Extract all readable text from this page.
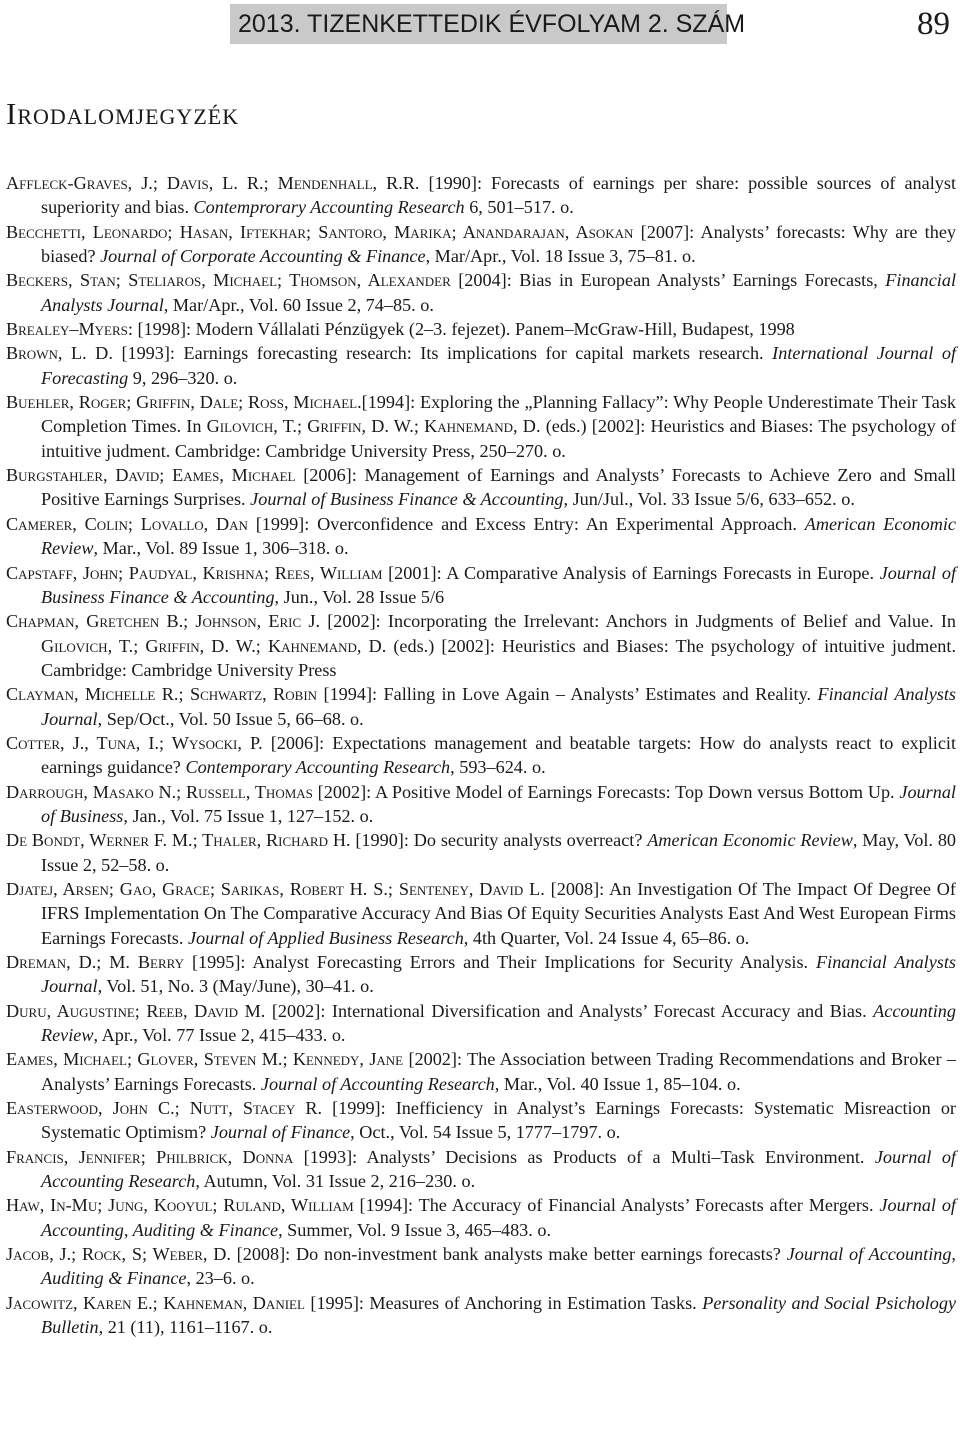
2013. TIZENKETTEDIK ÉVFOLYAM 2. SZÁM	89
Irodalomjegyzék
Affleck-Graves, J.; Davis, L. R.; Mendenhall, R.R. [1990]: Forecasts of earnings per share: possible sources of analyst superiority and bias. Contemprorary Accounting Research 6, 501–517. o.
Becchetti, Leonardo; Hasan, Iftekhar; Santoro, Marika; Anandarajan, Asokan [2007]: Analysts’ forecasts: Why are they biased? Journal of Corporate Accounting & Finance, Mar/Apr., Vol. 18 Issue 3, 75–81. o.
Beckers, Stan; Steliaros, Michael; Thomson, Alexander [2004]: Bias in European Analysts’ Earnings Forecasts, Financial Analysts Journal, Mar/Apr., Vol. 60 Issue 2, 74–85. o.
Brealey–Myers: [1998]: Modern Vállalati Pénzügyek (2–3. fejezet). Panem–McGraw-Hill, Budapest, 1998
Brown, L. D. [1993]: Earnings forecasting research: Its implications for capital markets research. International Journal of Forecasting 9, 296–320. o.
Buehler, Roger; Griffin, Dale; Ross, Michael.[1994]: Exploring the „Planning Fallacy”: Why People Underestimate Their Task Completion Times. In Gilovich, T.; Griffin, D. W.; Kahnemand, D. (eds.) [2002]: Heuristics and Biases: The psychology of intuitive judment. Cambridge: Cambridge University Press, 250–270. o.
Burgstahler, David; Eames, Michael [2006]: Management of Earnings and Analysts’ Forecasts to Achieve Zero and Small Positive Earnings Surprises. Journal of Business Finance & Accounting, Jun/Jul., Vol. 33 Issue 5/6, 633–652. o.
Camerer, Colin; Lovallo, Dan [1999]: Overconfidence and Excess Entry: An Experimental Approach. American Economic Review, Mar., Vol. 89 Issue 1, 306–318. o.
Capstaff, John; Paudyal, Krishna; Rees, William [2001]: A Comparative Analysis of Earnings Forecasts in Europe. Journal of Business Finance & Accounting, Jun., Vol. 28 Issue 5/6
Chapman, Gretchen B.; Johnson, Eric J. [2002]: Incorporating the Irrelevant: Anchors in Judgments of Belief and Value. In Gilovich, T.; Griffin, D. W.; Kahnemand, D. (eds.) [2002]: Heuristics and Biases: The psychology of intuitive judment. Cambridge: Cambridge University Press
Clayman, Michelle R.; Schwartz, Robin [1994]: Falling in Love Again – Analysts’ Estimates and Reality. Financial Analysts Journal, Sep/Oct., Vol. 50 Issue 5, 66–68. o.
Cotter, J., Tuna, I.; Wysocki, P. [2006]: Expectations management and beatable targets: How do analysts react to explicit earnings guidance? Contemporary Accounting Research, 593–624. o.
Darrough, Masako N.; Russell, Thomas [2002]: A Positive Model of Earnings Forecasts: Top Down versus Bottom Up. Journal of Business, Jan., Vol. 75 Issue 1, 127–152. o.
De Bondt, Werner F. M.; Thaler, Richard H. [1990]: Do security analysts overreact? American Economic Review, May, Vol. 80 Issue 2, 52–58. o.
Djatej, Arsen; Gao, Grace; Sarikas, Robert H. S.; Senteney, David L. [2008]: An Investigation Of The Impact Of Degree Of IFRS Implementation On The Comparative Accuracy And Bias Of Equity Securities Analysts East And West European Firms Earnings Forecasts. Journal of Applied Business Research, 4th Quarter, Vol. 24 Issue 4, 65–86. o.
Dreman, D.; M. Berry [1995]: Analyst Forecasting Errors and Their Implications for Security Analysis. Financial Analysts Journal, Vol. 51, No. 3 (May/June), 30–41. o.
Duru, Augustine; Reeb, David M. [2002]: International Diversification and Analysts’ Forecast Accuracy and Bias. Accounting Review, Apr., Vol. 77 Issue 2, 415–433. o.
Eames, Michael; Glover, Steven M.; Kennedy, Jane [2002]: The Association between Trading Recommendations and Broker – Analysts’ Earnings Forecasts. Journal of Accounting Research, Mar., Vol. 40 Issue 1, 85–104. o.
Easterwood, John C.; Nutt, Stacey R. [1999]: Inefficiency in Analyst’s Earnings Forecasts: Systematic Misreaction or Systematic Optimism? Journal of Finance, Oct., Vol. 54 Issue 5, 1777–1797. o.
Francis, Jennifer; Philbrick, Donna [1993]: Analysts’ Decisions as Products of a Multi–Task Environment. Journal of Accounting Research, Autumn, Vol. 31 Issue 2, 216–230. o.
Haw, In-Mu; Jung, Kooyul; Ruland, William [1994]: The Accuracy of Financial Analysts’ Forecasts after Mergers. Journal of Accounting, Auditing & Finance, Summer, Vol. 9 Issue 3, 465–483. o.
Jacob, J.; Rock, S; Weber, D. [2008]: Do non-investment bank analysts make better earnings forecasts? Journal of Accounting, Auditing & Finance, 23–6. o.
Jacowitz, Karen E.; Kahneman, Daniel [1995]: Measures of Anchoring in Estimation Tasks. Personality and Social Psichology Bulletin, 21 (11), 1161–1167. o.
